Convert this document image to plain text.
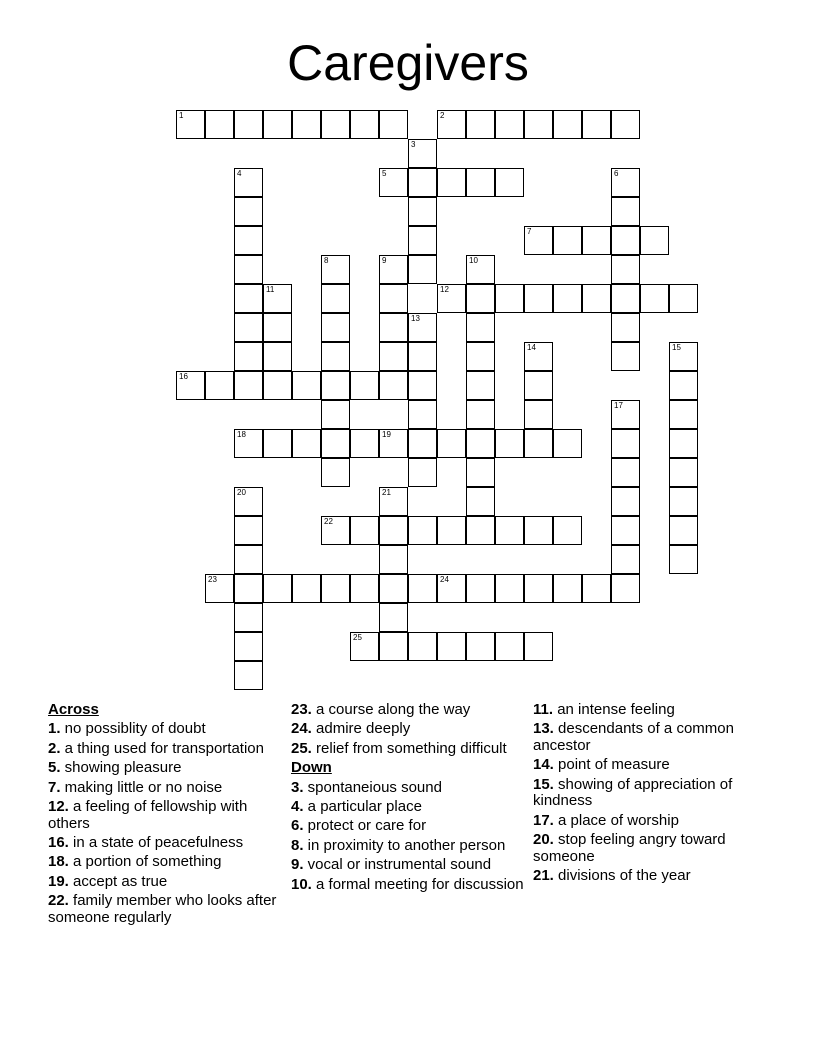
Caregivers
1	2
3
4	5	6
7
8	9	10
11	12
13
14	15
16
17
18	19
20	21
22
23	24
25
Across
1. no possiblity of doubt
2. a thing used for transportation
5. showing pleasure
7. making little or no noise
12. a feeling of fellowship with others
16. in a state of peacefulness
18. a portion of something
19. accept as true
22. family member who looks after someone regularly
23. a course along the way
24. admire deeply
25. relief from something difficult
Down
3. spontaneious sound
4. a particular place
6. protect or care for
8. in proximity to another person
9. vocal or instrumental sound
10. a formal meeting for discussion
11. an intense feeling
13. descendants of a common ancestor
14. point of measure
15. showing of appreciation of kindness
17. a place of worship
20. stop feeling angry toward someone
21. divisions of the year
